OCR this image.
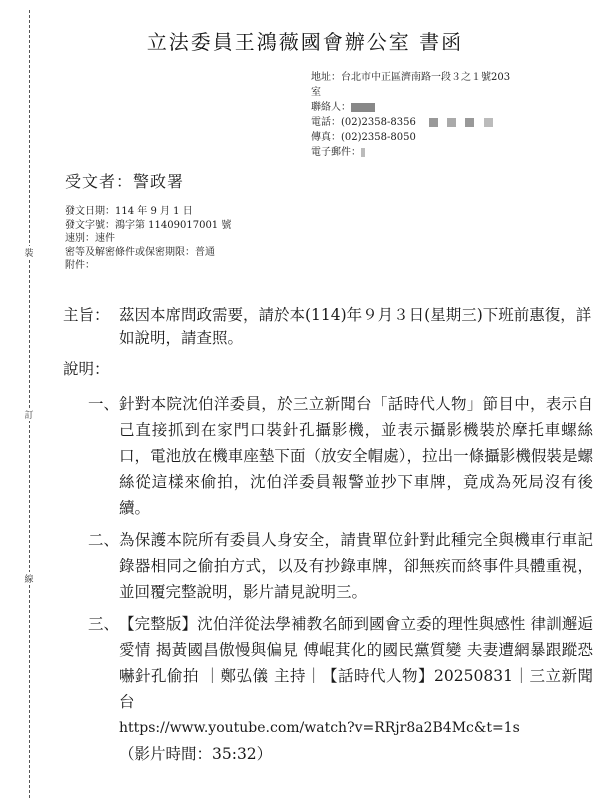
裝
訂
線
立法委員王鴻薇國會辦公室 書函
地址：台北市中正區濟南路一段３之１號203
室
聯絡人：
電話：(02)2358-8356
傳真：(02)2358-8050
電子郵件：
受文者：警政署
發文日期：114 年 9 月 1 日
發文字號：鴻字第 11409017001 號
速別：速件
密等及解密條件或保密期限：普通
附件：
主旨： 茲因本席問政需要，請於本(114)年９月３日(星期三)下班前惠復，詳如說明，請查照。
說明：
一、 針對本院沈伯洋委員，於三立新聞台「話時代人物」節目中，表示自己直接抓到在家門口裝針孔攝影機，並表示攝影機裝於摩托車螺絲口，電池放在機車座墊下面（放安全帽處），拉出一條攝影機假裝是螺絲從這樣來偷拍，沈伯洋委員報警並抄下車牌，竟成為死局沒有後續。
二、 為保護本院所有委員人身安全，請貴單位針對此種完全與機車行車記錄器相同之偷拍方式，以及有抄錄車牌，卻無疾而終事件具體重視，並回覆完整說明，影片請見說明三。
三、 【完整版】沈伯洋從法學補教名師到國會立委的理性與感性 律訓邂逅愛情 揭黃國昌傲慢與偏見 傅崐萁化的國民黨質變 夫妻遭網暴跟蹤恐嚇針孔偷拍 ｜鄭弘儀 主持｜【話時代人物】20250831｜三立新聞台
https://www.youtube.com/watch?v=RRjr8a2B4Mc&t=1s
（影片時間：35:32）
